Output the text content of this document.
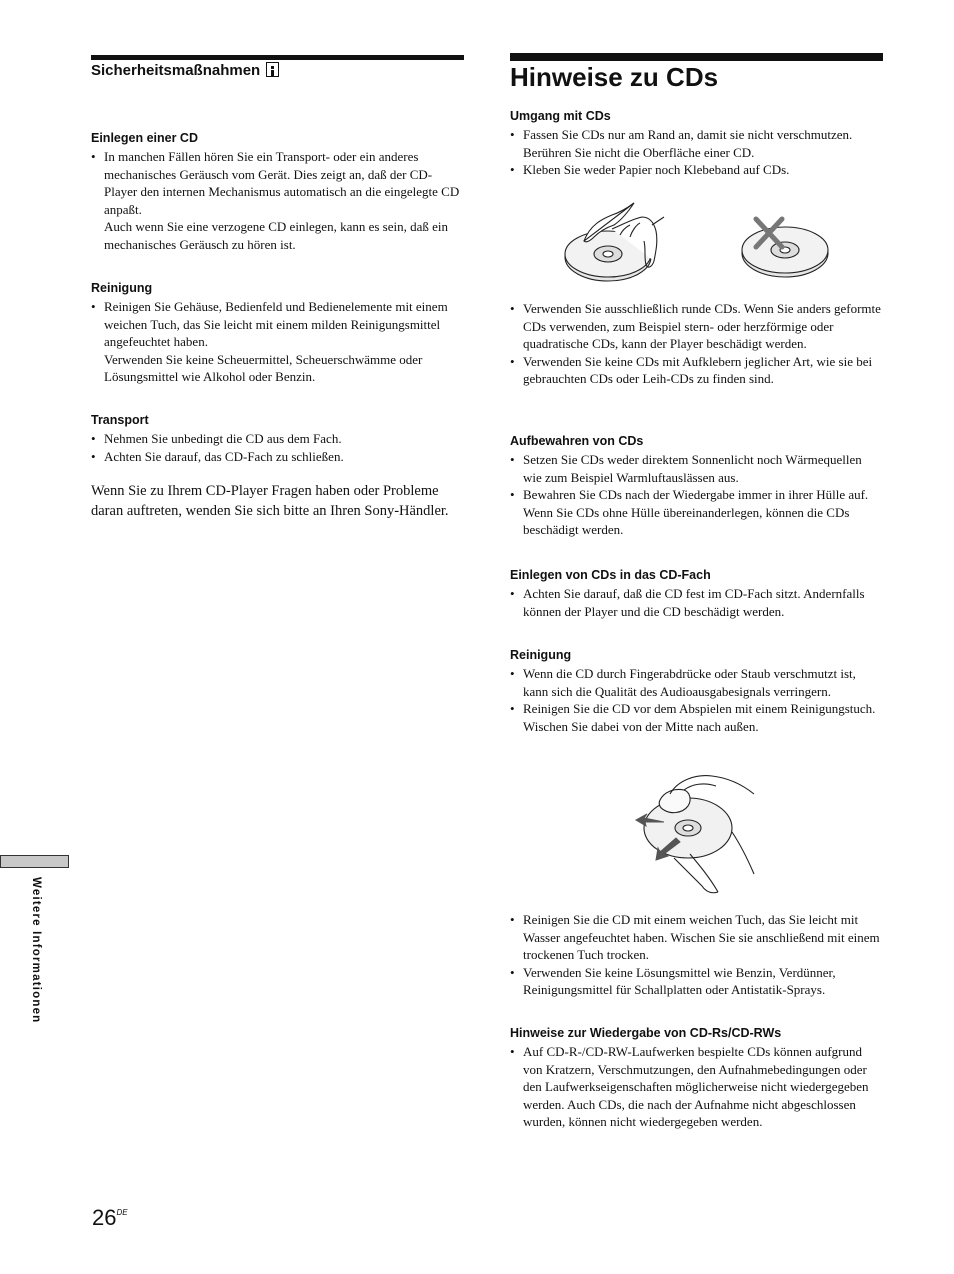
Sicherheitsmaßnahmen
Einlegen einer CD
• In manchen Fällen hören Sie ein Transport- oder ein anderes mechanisches Geräusch vom Gerät. Dies zeigt an, daß der CD-Player den internen Mechanismus automatisch an die eingelegte CD anpaßt.
Auch wenn Sie eine verzogene CD einlegen, kann es sein, daß ein mechanisches Geräusch zu hören ist.
Reinigung
• Reinigen Sie Gehäuse, Bedienfeld und Bedienelemente mit einem weichen Tuch, das Sie leicht mit einem milden Reinigungsmittel angefeuchtet haben.
Verwenden Sie keine Scheuermittel, Scheuerschwämme oder Lösungsmittel wie Alkohol oder Benzin.
Transport
• Nehmen Sie unbedingt die CD aus dem Fach.
• Achten Sie darauf, das CD-Fach zu schließen.

Wenn Sie zu Ihrem CD-Player Fragen haben oder Probleme daran auftreten, wenden Sie sich bitte an Ihren Sony-Händler.

Hinweise zu CDs
Umgang mit CDs
• Fassen Sie CDs nur am Rand an, damit sie nicht verschmutzen. Berühren Sie nicht die Oberfläche einer CD.
• Kleben Sie weder Papier noch Klebeband auf CDs.
• Verwenden Sie ausschließlich runde CDs. Wenn Sie anders geformte CDs verwenden, zum Beispiel stern- oder herzförmige oder quadratische CDs, kann der Player beschädigt werden.
• Verwenden Sie keine CDs mit Aufklebern jeglicher Art, wie sie bei gebrauchten CDs oder Leih-CDs zu finden sind.
Aufbewahren von CDs
• Setzen Sie CDs weder direktem Sonnenlicht noch Wärmequellen wie zum Beispiel Warmluftauslässen aus.
• Bewahren Sie CDs nach der Wiedergabe immer in ihrer Hülle auf. Wenn Sie CDs ohne Hülle übereinanderlegen, können die CDs beschädigt werden.
Einlegen von CDs in das CD-Fach
• Achten Sie darauf, daß die CD fest im CD-Fach sitzt. Andernfalls können der Player und die CD beschädigt werden.
Reinigung
• Wenn die CD durch Fingerabdrücke oder Staub verschmutzt ist, kann sich die Qualität des Audioausgabesignals verringern.
• Reinigen Sie die CD vor dem Abspielen mit einem Reinigungstuch. Wischen Sie dabei von der Mitte nach außen.
• Reinigen Sie die CD mit einem weichen Tuch, das Sie leicht mit Wasser angefeuchtet haben. Wischen Sie sie anschließend mit einem trockenen Tuch trocken.
• Verwenden Sie keine Lösungsmittel wie Benzin, Verdünner, Reinigungsmittel für Schallplatten oder Antistatik-Sprays.
Hinweise zur Wiedergabe von CD-Rs/CD-RWs
• Auf CD-R-/CD-RW-Laufwerken bespielte CDs können aufgrund von Kratzern, Verschmutzungen, den Aufnahmebedingungen oder den Laufwerkseigenschaften möglicherweise nicht wiedergegeben werden. Auch CDs, die nach der Aufnahme nicht abgeschlossen wurden, können nicht wiedergegeben werden.
Weitere Informationen
26DE
